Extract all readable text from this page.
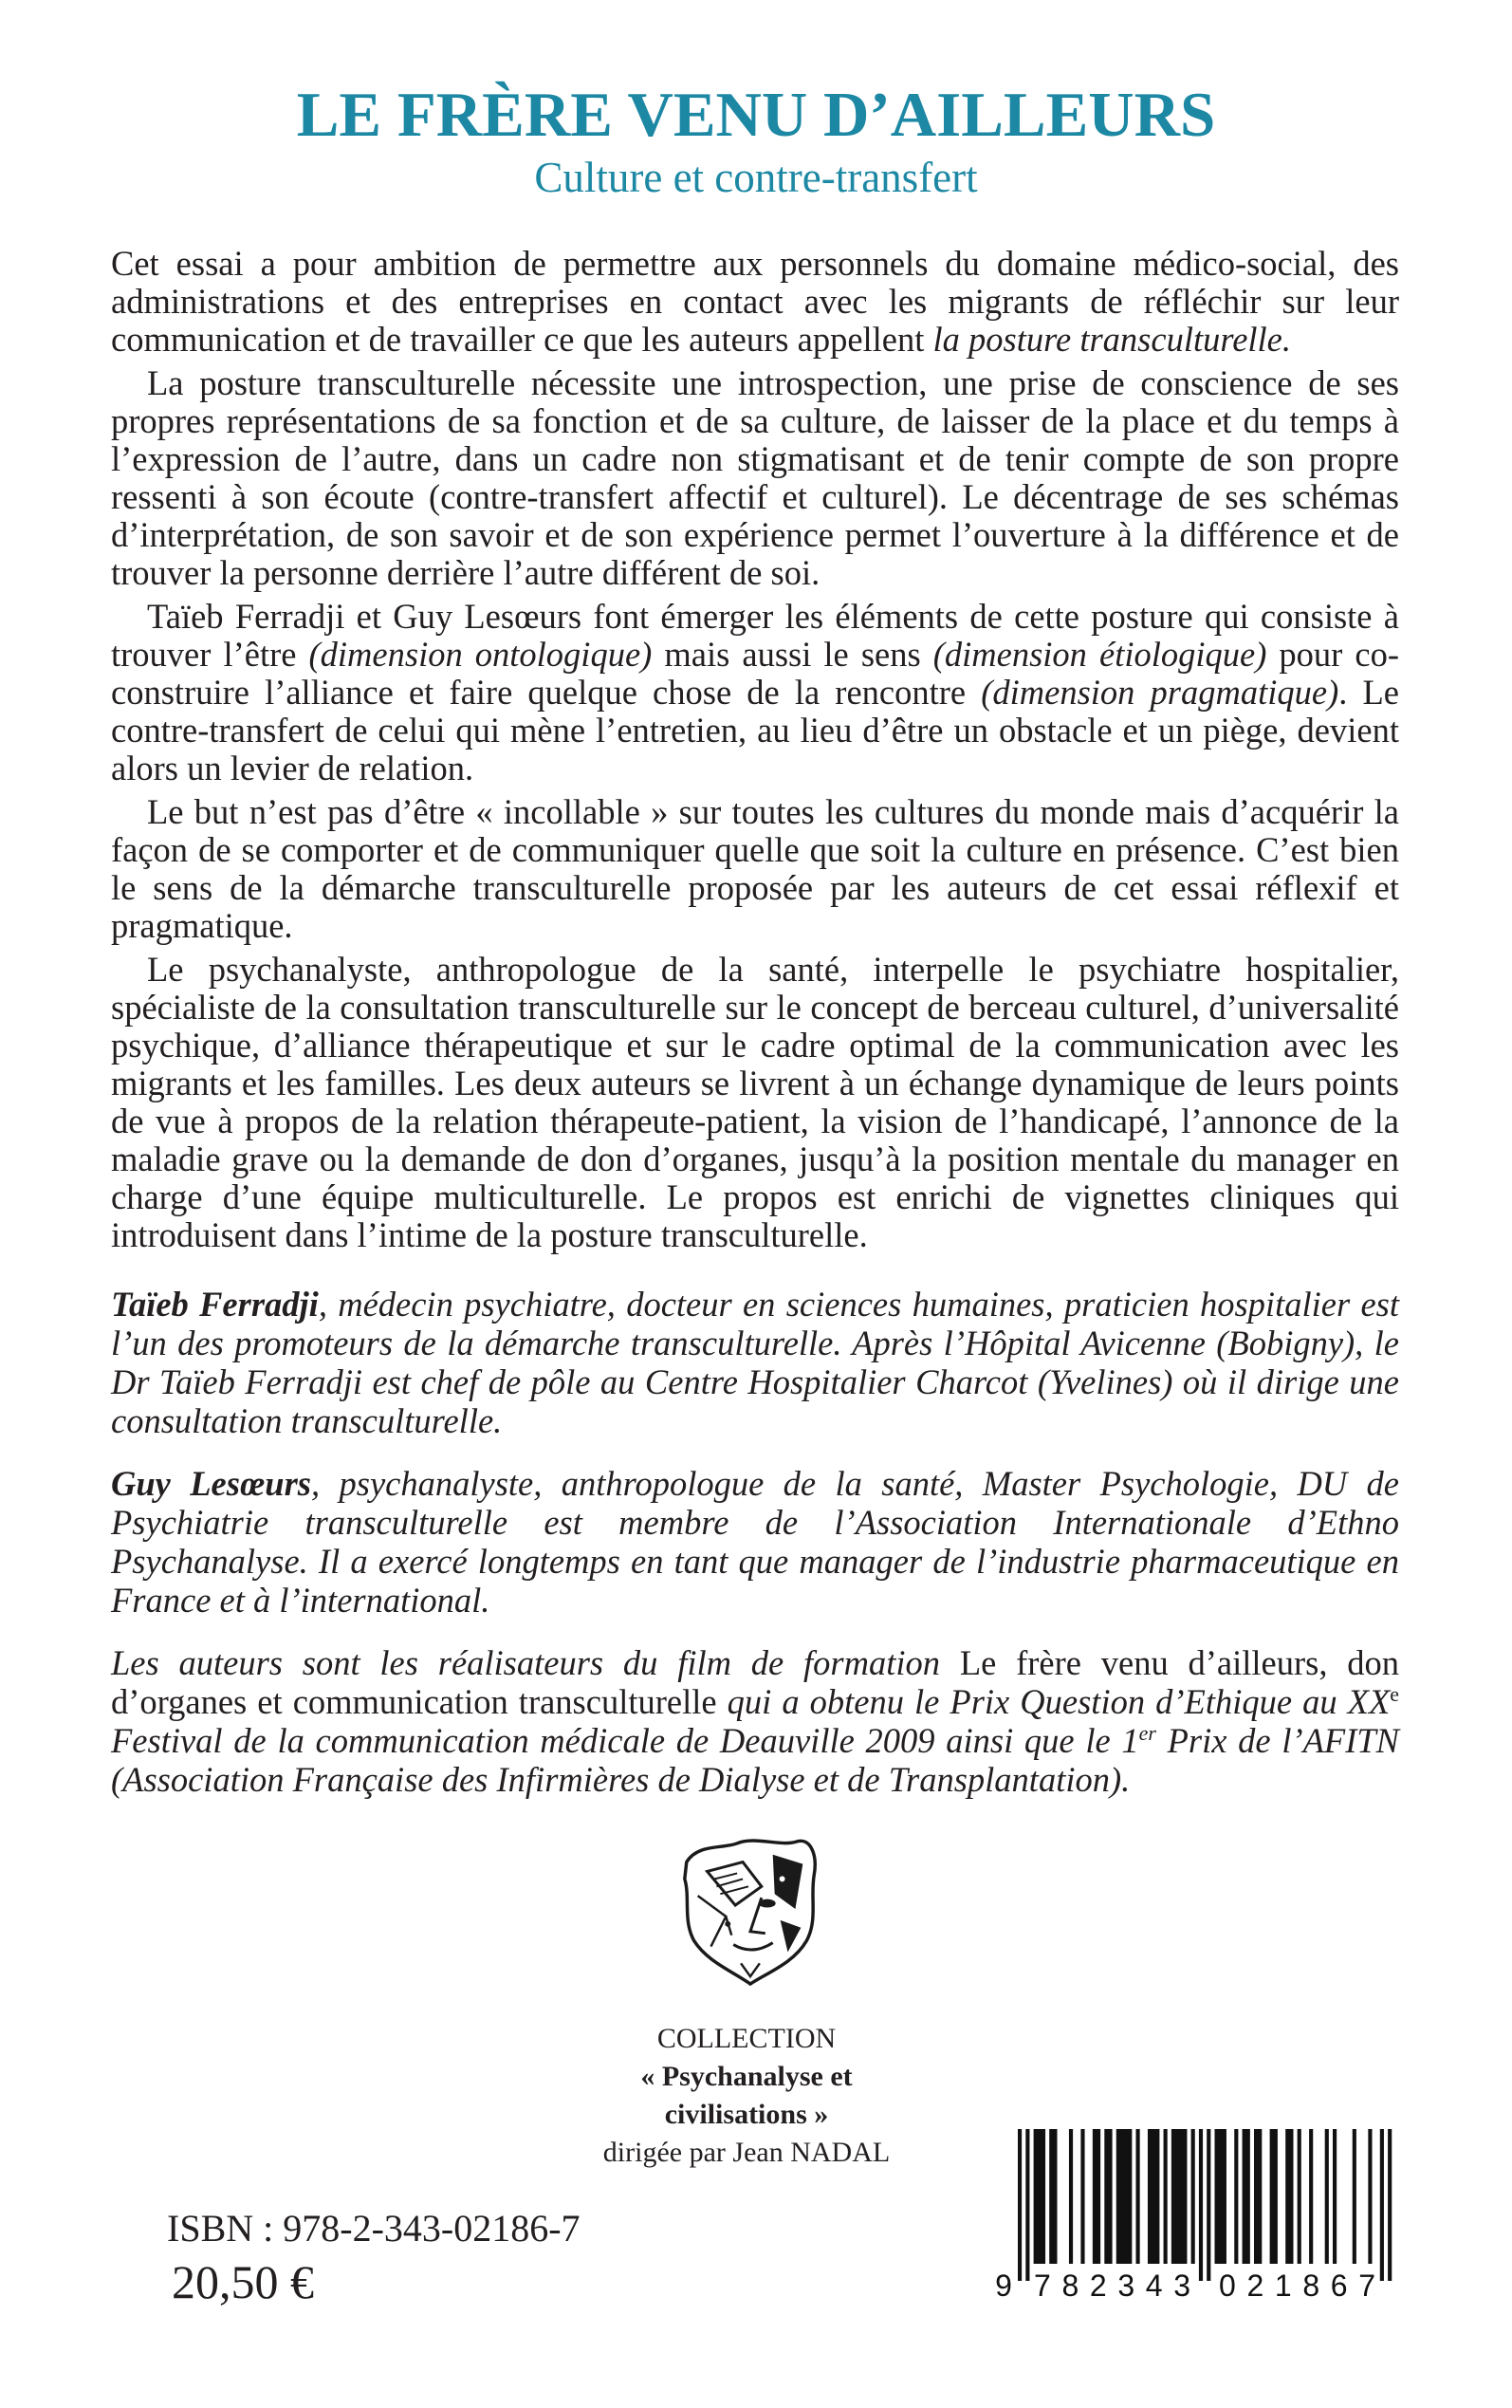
LE FRÈRE VENU D’AILLEURS
Culture et contre-transfert

Cet essai a pour ambition de permettre aux personnels du domaine médico-social, des administrations et des entreprises en contact avec les migrants de réfléchir sur leur communication et de travailler ce que les auteurs appellent la posture transculturelle.

La posture transculturelle nécessite une introspection, une prise de conscience de ses propres représentations de sa fonction et de sa culture, de laisser de la place et du temps à l’expression de l’autre, dans un cadre non stigmatisant et de tenir compte de son propre ressenti à son écoute (contre-transfert affectif et culturel). Le décentrage de ses schémas d’interprétation, de son savoir et de son expérience permet l’ouverture à la différence et de trouver la personne derrière l’autre différent de soi.

Taïeb Ferradji et Guy Lesœurs font émerger les éléments de cette posture qui consiste à trouver l’être (dimension ontologique) mais aussi le sens (dimension étiologique) pour co-construire l’alliance et faire quelque chose de la rencontre (dimension pragmatique). Le contre-transfert de celui qui mène l’entretien, au lieu d’être un obstacle et un piège, devient alors un levier de relation.

Le but n’est pas d’être « incollable » sur toutes les cultures du monde mais d’acquérir la façon de se comporter et de communiquer quelle que soit la culture en présence. C’est bien le sens de la démarche transculturelle proposée par les auteurs de cet essai réflexif et pragmatique.

Le psychanalyste, anthropologue de la santé, interpelle le psychiatre hospitalier, spécialiste de la consultation transculturelle sur le concept de berceau culturel, d’universalité psychique, d’alliance thérapeutique et sur le cadre optimal de la communication avec les migrants et les familles. Les deux auteurs se livrent à un échange dynamique de leurs points de vue à propos de la relation thérapeute-patient, la vision de l’handicapé, l’annonce de la maladie grave ou la demande de don d’organes, jusqu’à la position mentale du manager en charge d’une équipe multiculturelle. Le propos est enrichi de vignettes cliniques qui introduisent dans l’intime de la posture transculturelle.

Taïeb Ferradji, médecin psychiatre, docteur en sciences humaines, praticien hospitalier est l’un des promoteurs de la démarche transculturelle. Après l’Hôpital Avicenne (Bobigny), le Dr Taïeb Ferradji est chef de pôle au Centre Hospitalier Charcot (Yvelines) où il dirige une consultation transculturelle.

Guy Lesœurs, psychanalyste, anthropologue de la santé, Master Psychologie, DU de Psychiatrie transculturelle est membre de l’Association Internationale d’Ethno Psychanalyse. Il a exercé longtemps en tant que manager de l’industrie pharmaceutique en France et à l’international.

Les auteurs sont les réalisateurs du film de formation Le frère venu d’ailleurs, don d’organes et communication transculturelle qui a obtenu le Prix Question d’Ethique au XXe Festival de la communication médicale de Deauville 2009 ainsi que le 1er Prix de l’AFITN (Association Française des Infirmières de Dialyse et de Transplantation).

COLLECTION
« Psychanalyse et civilisations »
dirigée par Jean NADAL
ISBN : 978-2-343-02186-7
20,50 €	9 782343 021867
